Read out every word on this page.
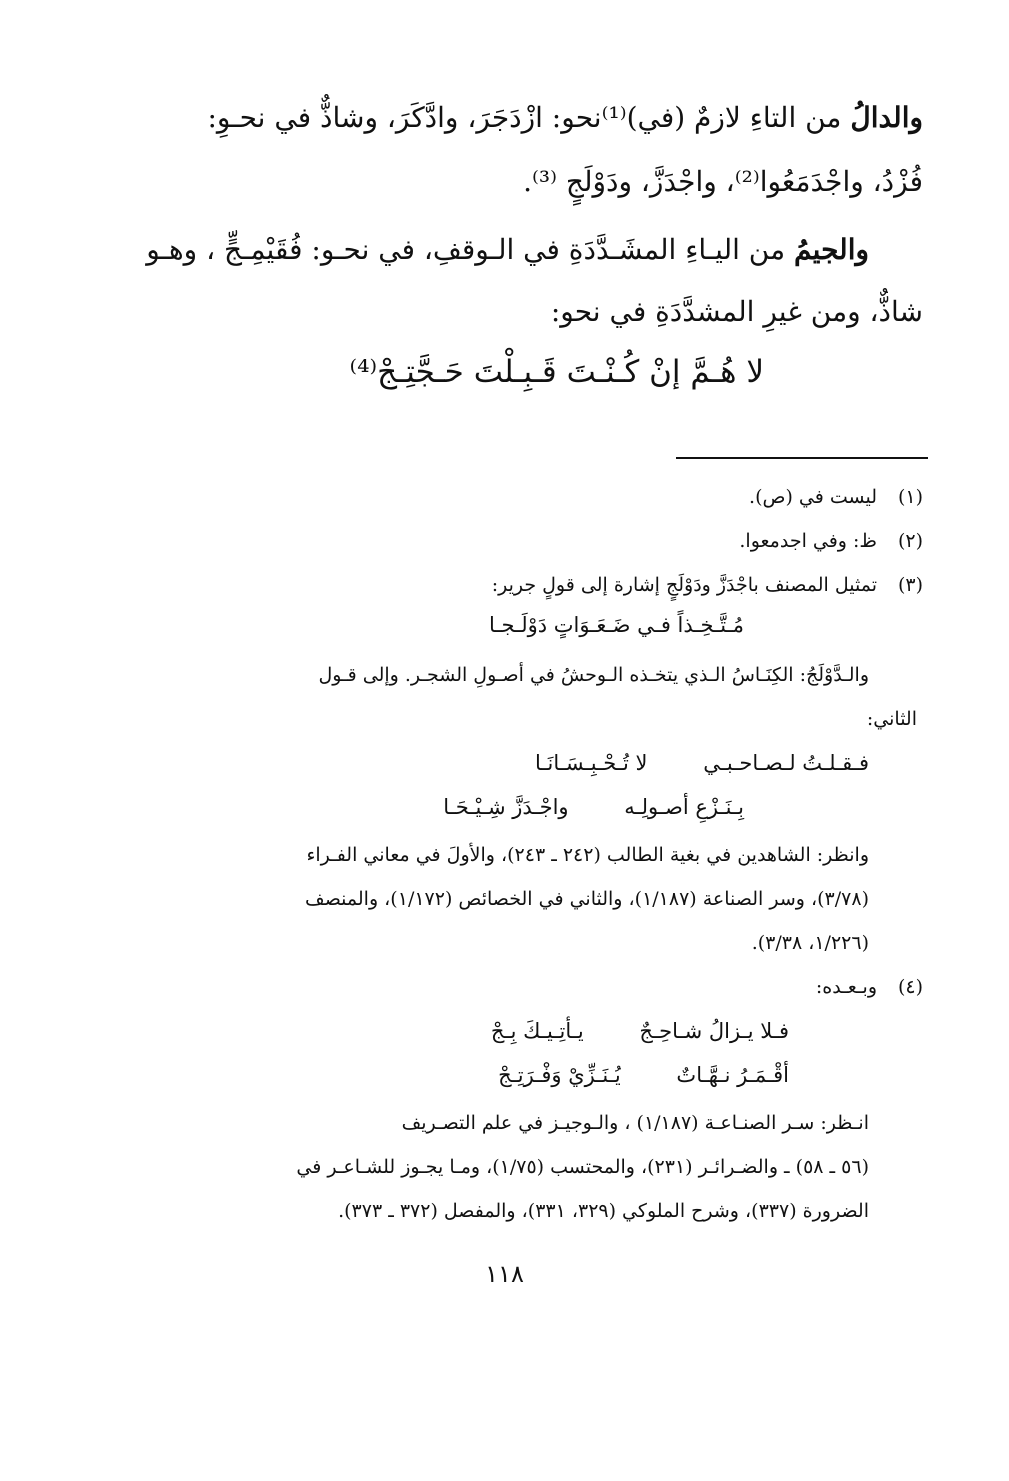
والدالُ من التاءِ لازمٌ (في)⁽¹⁾نحو: ازْدَجَرَ، وادَّكَرَ، وشاذٌّ في نحـوِ:
فُزْدُ، واجْدَمَعُوا⁽²⁾، واجْدَزَّ، ودَوْلَجٍ ⁽³⁾.
والجيمُ من اليـاءِ المشَـدَّدَةِ في الـوقفِ، في نحـو: فُقَيْمِـجٍّ ، وهـو
شاذٌّ، ومن غيرِ المشدَّدَةِ في نحو:
لا هُـمَّ إنْ كُـنْـتَ قَـبِـلْتَ حَـجَّتِـجْ⁽⁴⁾
(١)ليست في (ص).
(٢)ظ: وفي اجدمعوا.
(٣)تمثيل المصنف باجْدَزَّ ودَوْلَجٍ إشارة إلى قولٍ جرير:
مُـتَّـخِـذاً فـي ضَـعَـوَاتٍ دَوْلَـجـا
والـدَّوْلَجُ: الكِنَـاسُ الـذي يتخـذه الـوحشُ في أصـولِ الشجـر. وإلى قـول
الثاني:
فـقـلـتُ لـصـاحـبـي لا تُـحْـبِـسَـانَـا
بِـنَـزْعِ أصـولِـه واجْـدَزَّ شِـيْـحَـا
وانظر: الشاهدين في بغية الطالب (٢٤٢ ـ ٢٤٣)، والأولَ في معاني الفـراء
(٣/٧٨)، وسر الصناعة (١/١٨٧)، والثاني في الخصائص (١/١٧٢)، والمنصف
(١/٢٢٦، ٣/٣٨).
(٤)وبـعـده:
فـلا يـزالُ شـاحِـجٌ يـأتِـيـكَ بِـجْ
أقْـمَـرُ نـهَّـاتٌ يُـنَـزِّيْ وَفْـرَتِـجْ
انـظر: سـر الصنـاعـة (١/١٨٧) ، والـوجيـز في علم التصـريف
(٥٦ ـ ٥٨) ـ والضـرائـر (٢٣١)، والمحتسب (١/٧٥)، ومـا يجـوز للشـاعـر في
الضرورة (٣٣٧)، وشرح الملوكي (٣٢٩، ٣٣١)، والمفصل (٣٧٢ ـ ٣٧٣).
١١٨
